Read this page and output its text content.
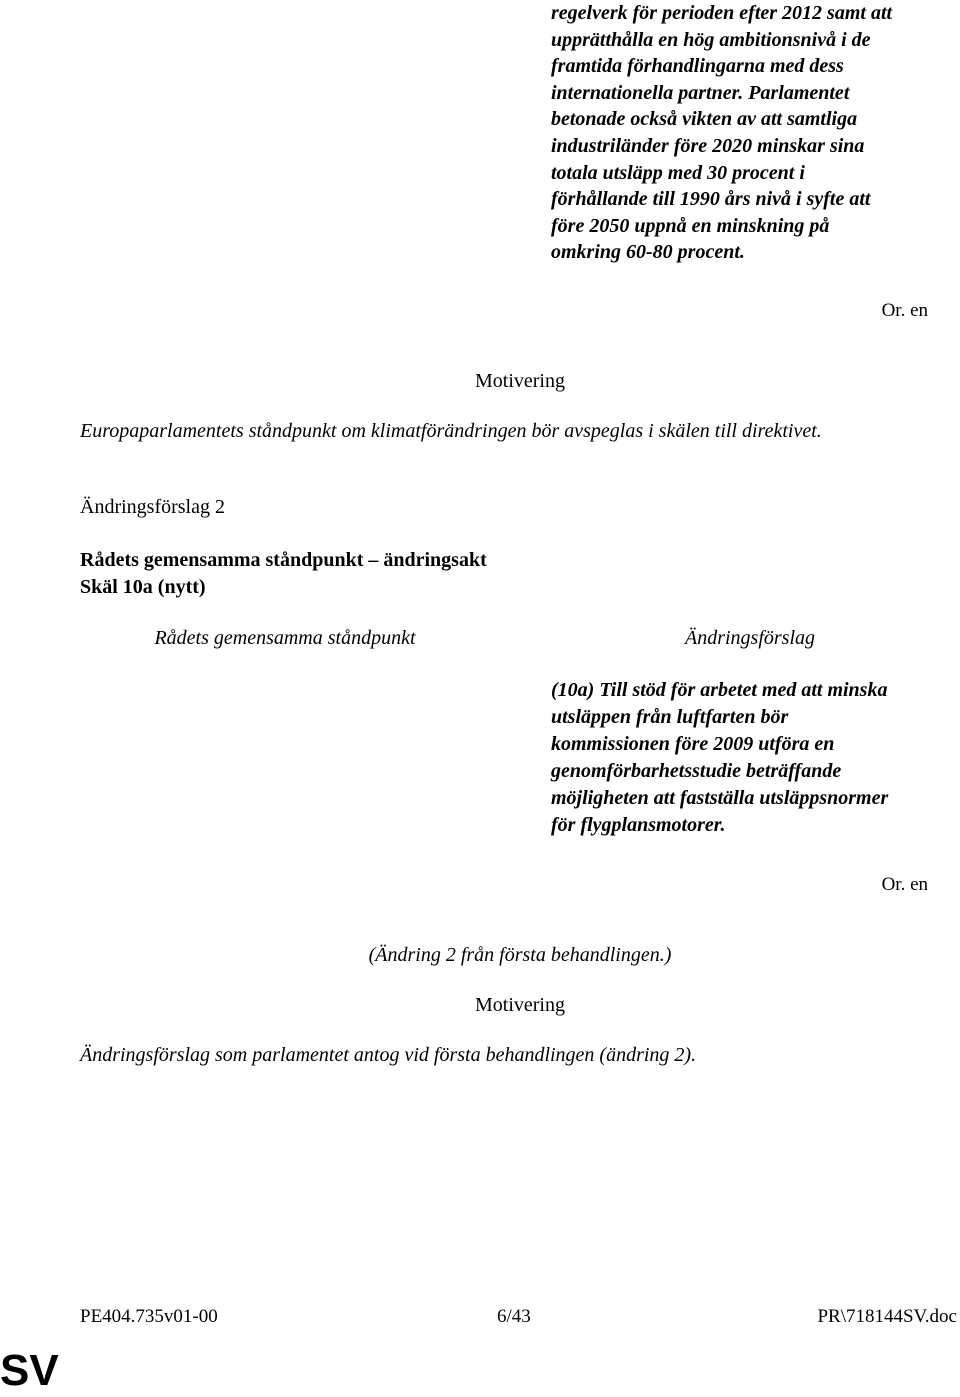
regelverk för perioden efter 2012 samt att
upprätthålla en hög ambitionsnivå i de
framtida förhandlingarna med dess
internationella partner. Parlamentet
betonade också vikten av att samtliga
industriländer före 2020 minskar sina
totala utsläpp med 30 procent i
förhållande till 1990 års nivå i syfte att
före 2050 uppnå en minskning på
omkring 60-80 procent.

Or. en

Motivering

Europaparlamentets ståndpunkt om klimatförändringen bör avspeglas i skälen till direktivet.

Ändringsförslag 2

Rådets gemensamma ståndpunkt – ändringsakt

Skäl 10a (nytt)

Rådets gemensamma ståndpunkt	Ändringsförslag

(10a) Till stöd för arbetet med att minska
utsläppen från luftfarten bör
kommissionen före 2009 utföra en
genomförbarhetsstudie beträffande
möjligheten att fastställa utsläppsnormer
för flygplansmotorer.

Or. en

(Ändring 2 från första behandlingen.)

Motivering

Ändringsförslag som parlamentet antog vid första behandlingen (ändring 2).

PE404.735v01-00	6/43	PR\718144SV.doc

SV
